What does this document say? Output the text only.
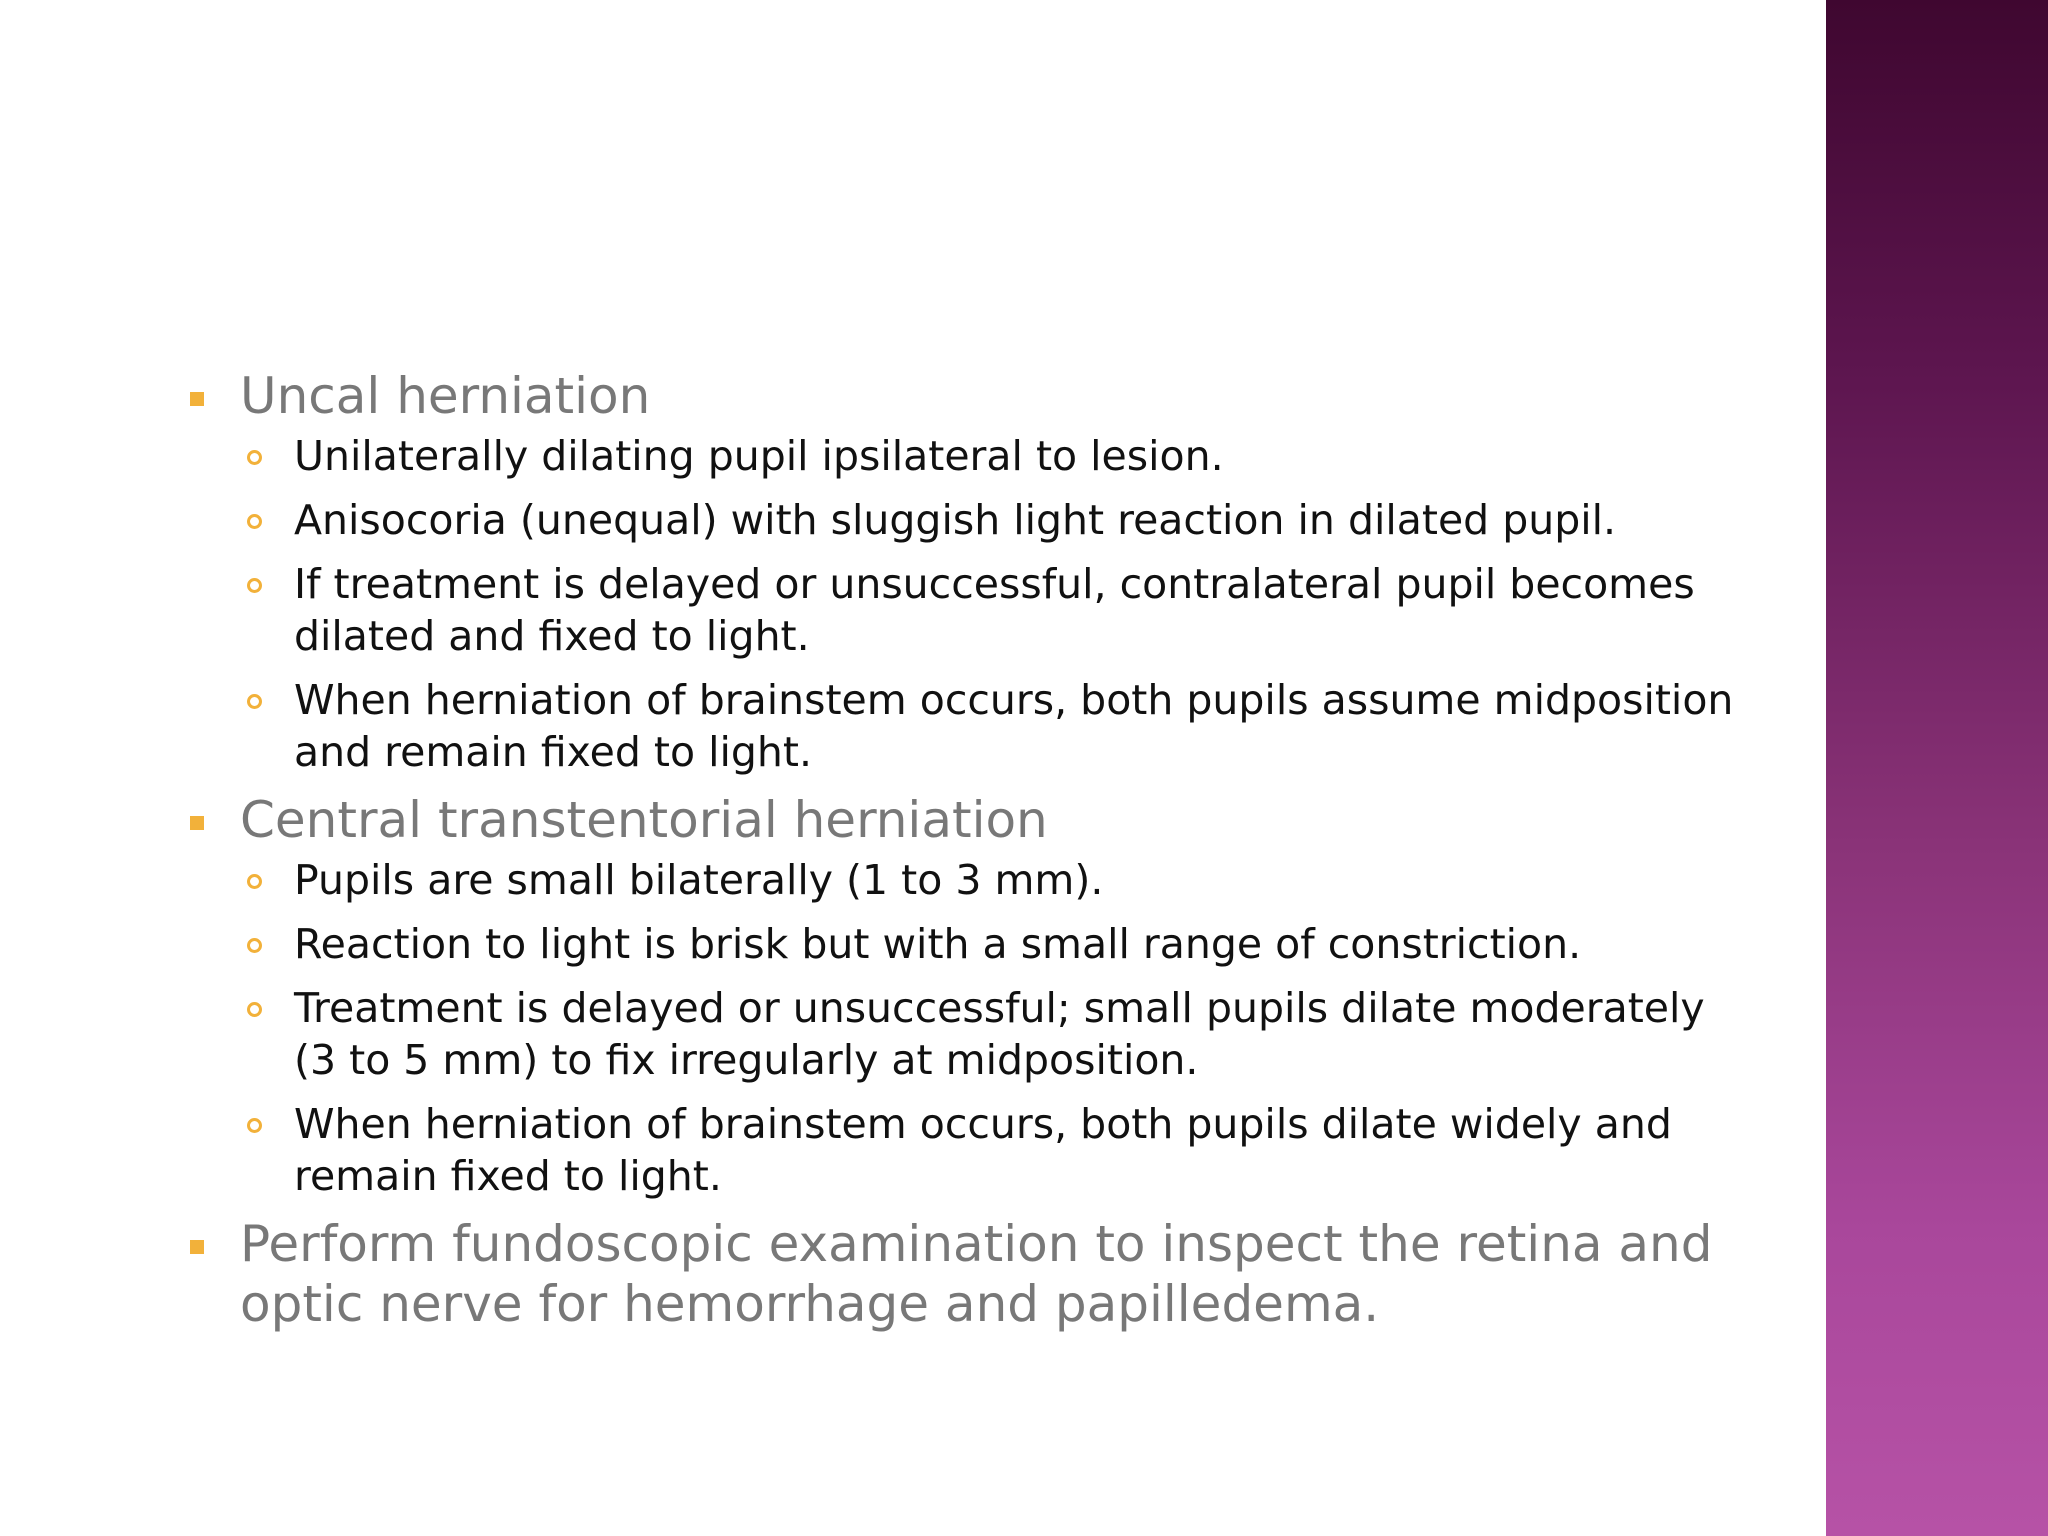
Uncal herniation
Unilaterally dilating pupil ipsilateral to lesion.
Anisocoria (unequal) with sluggish light reaction in dilated pupil.
If treatment is delayed or unsuccessful, contralateral pupil becomes dilated and fixed to light.
When herniation of brainstem occurs, both pupils assume midposition and remain fixed to light.
Central transtentorial herniation
Pupils are small bilaterally (1 to 3 mm).
Reaction to light is brisk but with a small range of constriction.
Treatment is delayed or unsuccessful; small pupils dilate moderately (3 to 5 mm) to fix irregularly at midposition.
When herniation of brainstem occurs, both pupils dilate widely and remain fixed to light.
Perform fundoscopic examination to inspect the retina and optic nerve for hemorrhage and papilledema.
